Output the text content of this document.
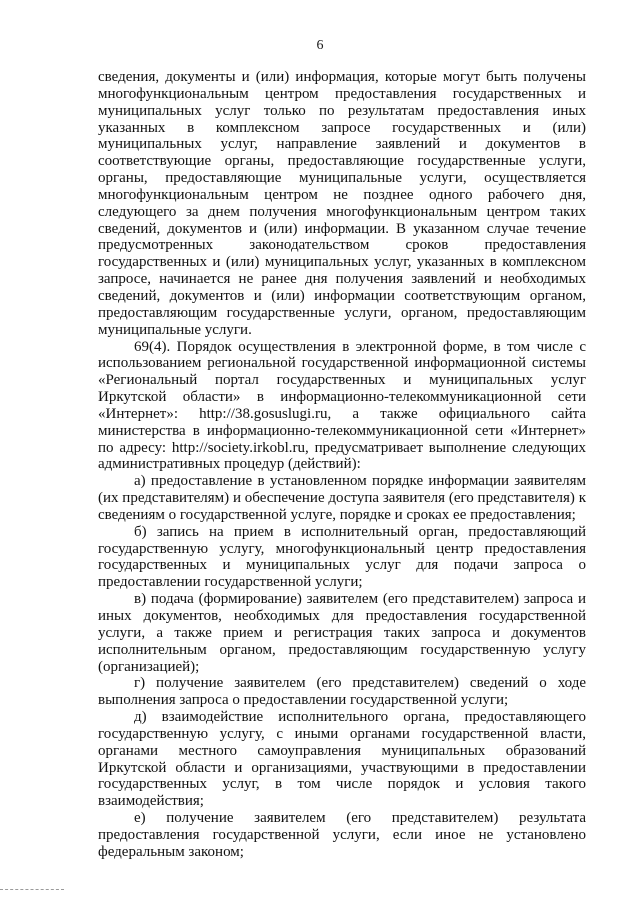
6

сведения, документы и (или) информация, которые могут быть получены многофункциональным центром предоставления государственных и муниципальных услуг только по результатам предоставления иных указанных в комплексном запросе государственных и (или) муниципальных услуг, направление заявлений и документов в соответствующие органы, предоставляющие государственные услуги, органы, предоставляющие муниципальные услуги, осуществляется многофункциональным центром не позднее одного рабочего дня, следующего за днем получения многофункциональным центром таких сведений, документов и (или) информации. В указанном случае течение предусмотренных законодательством сроков предоставления государственных и (или) муниципальных услуг, указанных в комплексном запросе, начинается не ранее дня получения заявлений и необходимых сведений, документов и (или) информации соответствующим органом, предоставляющим государственные услуги, органом, предоставляющим муниципальные услуги.

69(4). Порядок осуществления в электронной форме, в том числе с использованием региональной государственной информационной системы «Региональный портал государственных и муниципальных услуг Иркутской области» в информационно-телекоммуникационной сети «Интернет»: http://38.gosuslugi.ru, а также официального сайта министерства в информационно-телекоммуникационной сети «Интернет» по адресу: http://society.irkobl.ru, предусматривает выполнение следующих административных процедур (действий):

а) предоставление в установленном порядке информации заявителям (их представителям) и обеспечение доступа заявителя (его представителя) к сведениям о государственной услуге, порядке и сроках ее предоставления;

б) запись на прием в исполнительный орган, предоставляющий государственную услугу, многофункциональный центр предоставления государственных и муниципальных услуг для подачи запроса о предоставлении государственной услуги;

в) подача (формирование) заявителем (его представителем) запроса и иных документов, необходимых для предоставления государственной услуги, а также прием и регистрация таких запроса и документов исполнительным органом, предоставляющим государственную услугу (организацией);

г) получение заявителем (его представителем) сведений о ходе выполнения запроса о предоставлении государственной услуги;

д) взаимодействие исполнительного органа, предоставляющего государственную услугу, с иными органами государственной власти, органами местного самоуправления муниципальных образований Иркутской области и организациями, участвующими в предоставлении государственных услуг, в том числе порядок и условия такого взаимодействия;

е) получение заявителем (его представителем) результата предоставления государственной услуги, если иное не установлено федеральным законом;
